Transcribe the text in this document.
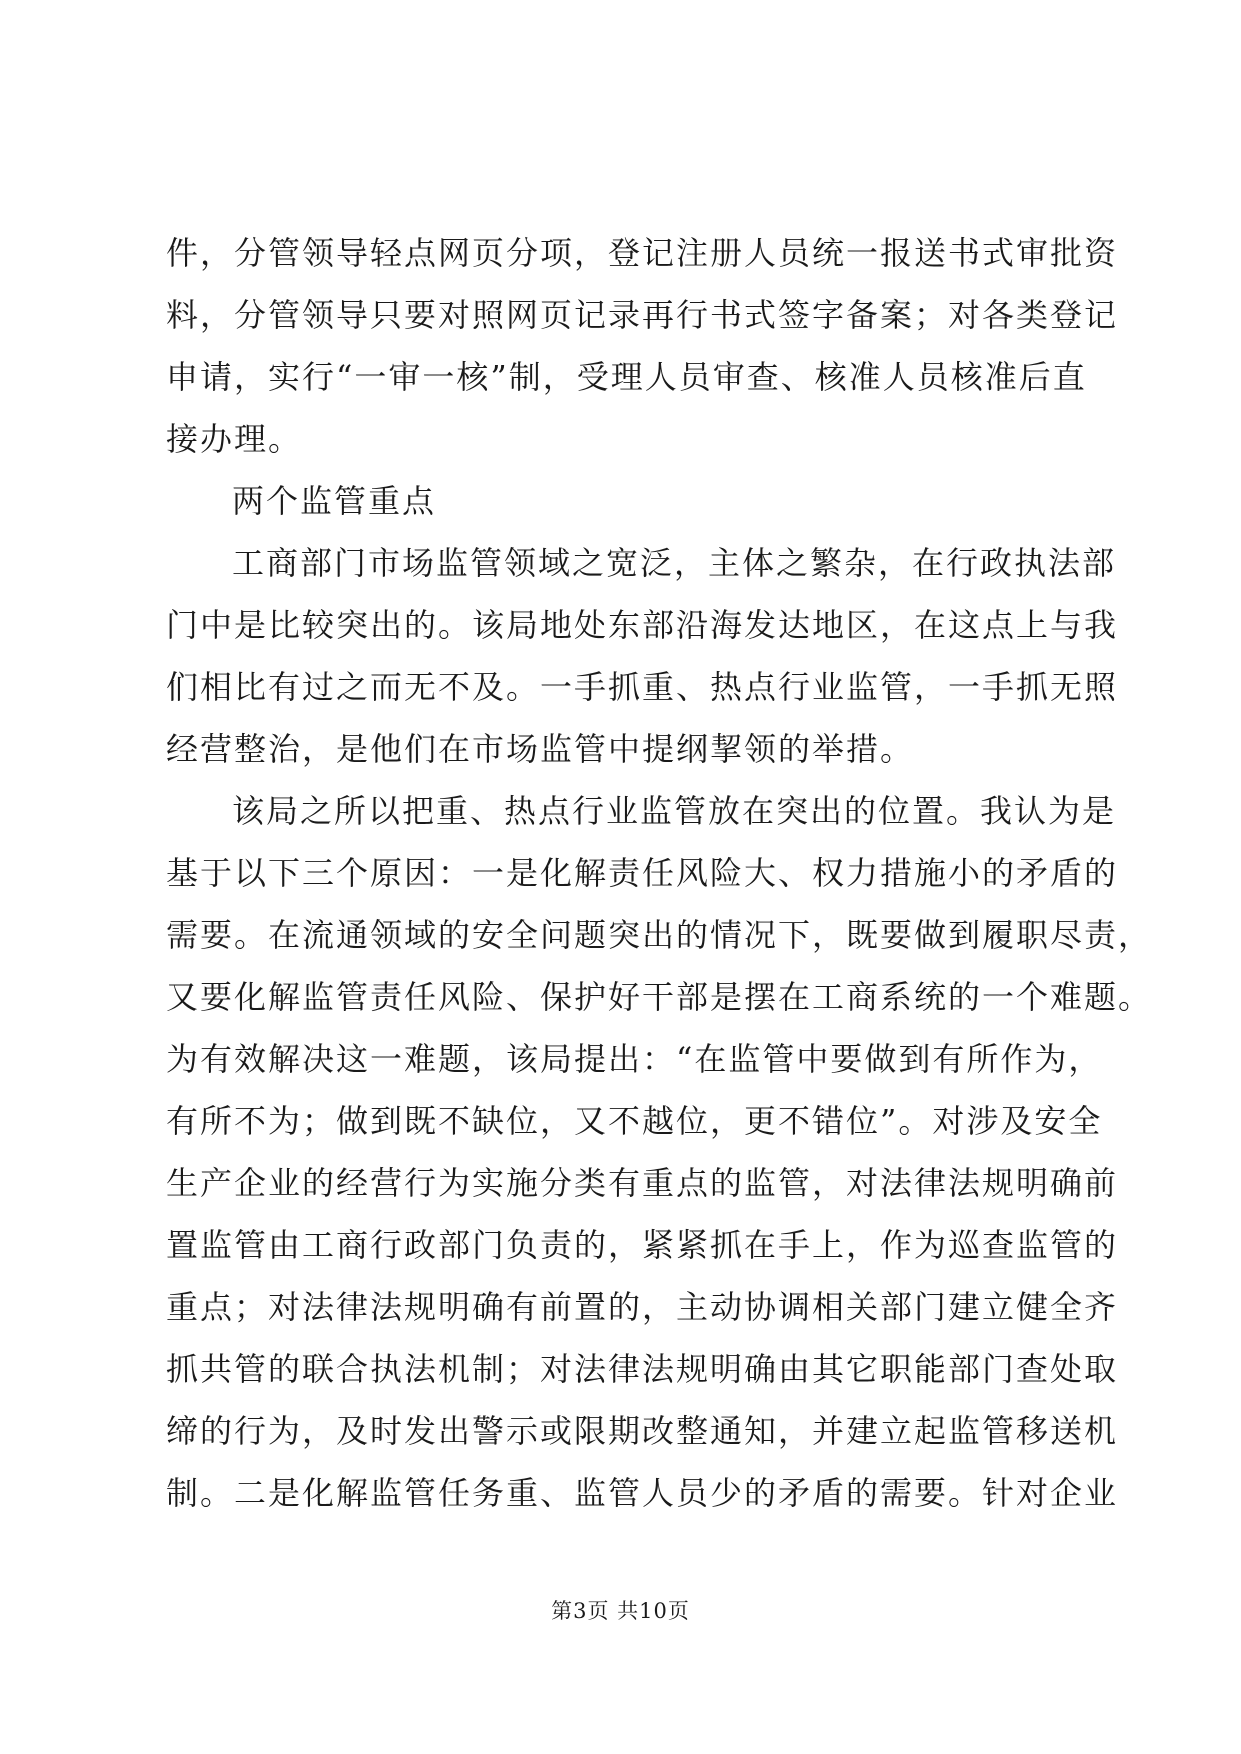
件，分管领导轻点网页分项，登记注册人员统一报送书式审批资
料，分管领导只要对照网页记录再行书式签字备案；对各类登记
申请，实行“一审一核”制，受理人员审查、核准人员核准后直
接办理。
两个监管重点
工商部门市场监管领域之宽泛，主体之繁杂，在行政执法部
门中是比较突出的。该局地处东部沿海发达地区，在这点上与我
们相比有过之而无不及。一手抓重、热点行业监管，一手抓无照
经营整治，是他们在市场监管中提纲挈领的举措。
该局之所以把重、热点行业监管放在突出的位置。我认为是
基于以下三个原因：一是化解责任风险大、权力措施小的矛盾的
需要。在流通领域的安全问题突出的情况下，既要做到履职尽责，
又要化解监管责任风险、保护好干部是摆在工商系统的一个难题。
为有效解决这一难题，该局提出：“在监管中要做到有所作为，
有所不为；做到既不缺位，又不越位，更不错位”。对涉及安全
生产企业的经营行为实施分类有重点的监管，对法律法规明确前
置监管由工商行政部门负责的，紧紧抓在手上，作为巡查监管的
重点；对法律法规明确有前置的，主动协调相关部门建立健全齐
抓共管的联合执法机制；对法律法规明确由其它职能部门查处取
缔的行为，及时发出警示或限期改整通知，并建立起监管移送机
制。二是化解监管任务重、监管人员少的矛盾的需要。针对企业
第3页 共10页
